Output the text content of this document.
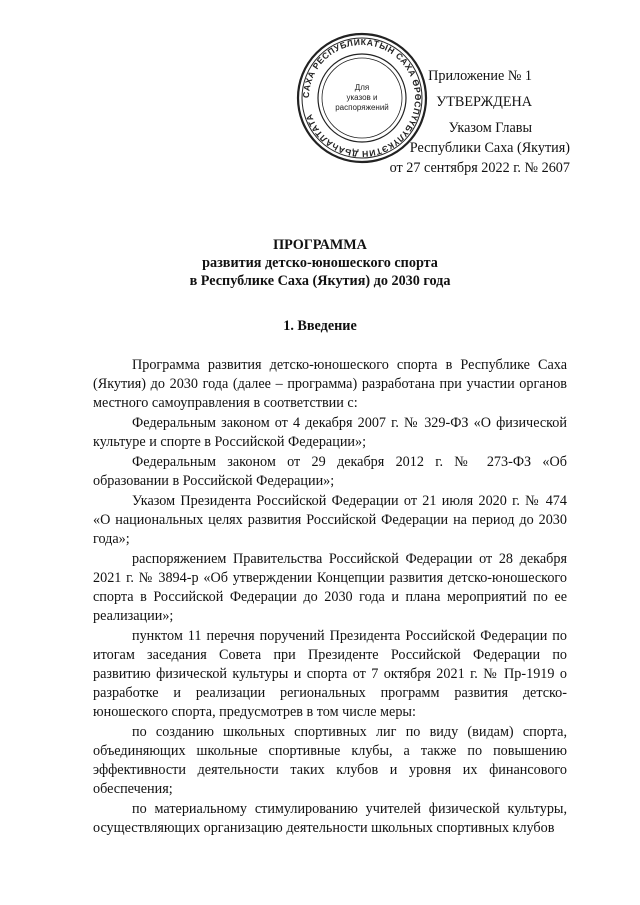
САХА РЕСПУБЛИКАТЫН САХА ӨРӨСПҮҮБҮЛҮКЭТИН ДЬАҺАЛТАТА
Для
указов и
распоряжений
Приложение № 1
УТВЕРЖДЕНА
Указом Главы
Республики Саха (Якутия)
от 27 сентября 2022 г. № 2607
ПРОГРАММА
развития детско-юношеского спорта
в Республике Саха (Якутия) до 2030 года
1. Введение

Программа развития детско-юношеского спорта в Республике Саха (Якутия) до 2030 года (далее – программа) разработана при участии органов местного самоуправления в соответствии с:

Федеральным законом от 4 декабря 2007 г. № 329-ФЗ «О физической культуре и спорте в Российской Федерации»;

Федеральным законом от 29 декабря 2012 г. № 273-ФЗ «Об образовании в Российской Федерации»;

Указом Президента Российской Федерации от 21 июля 2020 г. № 474 «О национальных целях развития Российской Федерации на период до 2030 года»;

распоряжением Правительства Российской Федерации от 28 декабря 2021 г. № 3894-р «Об утверждении Концепции развития детско-юношеского спорта в Российской Федерации до 2030 года и плана мероприятий по ее реализации»;

пунктом 11 перечня поручений Президента Российской Федерации по итогам заседания Совета при Президенте Российской Федерации по развитию физической культуры и спорта от 7 октября 2021 г. № Пр-1919 о разработке и реализации региональных программ развития детско-юношеского спорта, предусмотрев в том числе меры:

по созданию школьных спортивных лиг по виду (видам) спорта, объединяющих школьные спортивные клубы, а также по повышению эффективности деятельности таких клубов и уровня их финансового обеспечения;

по материальному стимулированию учителей физической культуры, осуществляющих организацию деятельности школьных спортивных клубов
